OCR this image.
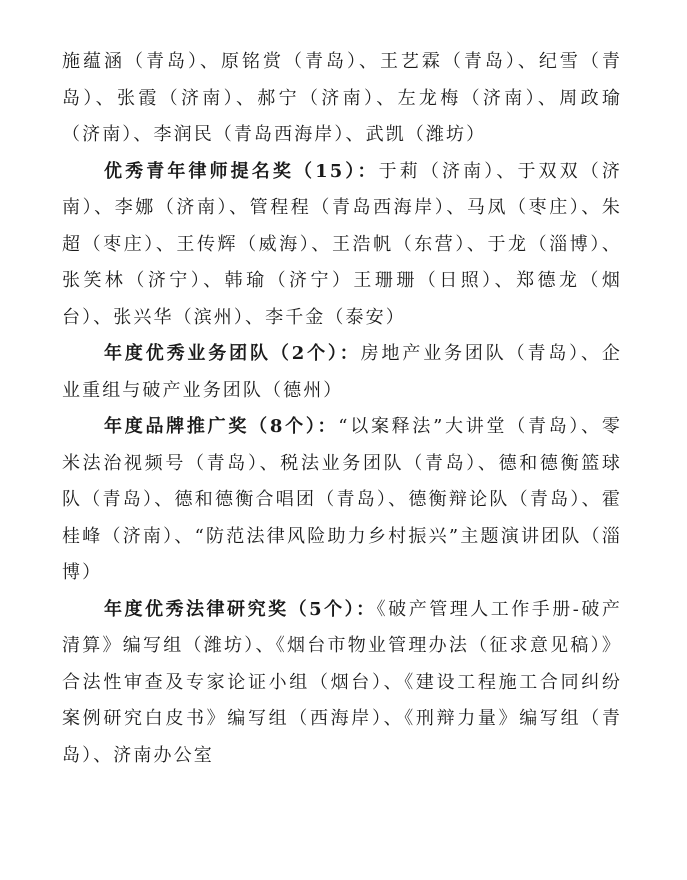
施蕴涵（青岛）、原铭赏（青岛）、王艺霖（青岛）、纪雪（青岛）、张霞（济南）、郝宁（济南）、左龙梅（济南）、周政瑜（济南）、李润民（青岛西海岸）、武凯（潍坊）

优秀青年律师提名奖（15）：于莉（济南）、于双双（济南）、李娜（济南）、管程程（青岛西海岸）、马凤（枣庄）、朱超（枣庄）、王传辉（威海）、王浩帆（东营）、于龙（淄博）、张笑林（济宁）、韩瑜（济宁）王珊珊（日照）、郑德龙（烟台）、张兴华（滨州）、李千金（泰安）

年度优秀业务团队（2个）：房地产业务团队（青岛）、企业重组与破产业务团队（德州）

年度品牌推广奖（8个）：“以案释法”大讲堂（青岛）、零米法治视频号（青岛）、税法业务团队（青岛）、德和德衡篮球队（青岛）、德和德衡合唱团（青岛）、德衡辩论队（青岛）、霍桂峰（济南）、“防范法律风险助力乡村振兴”主题演讲团队（淄博）

年度优秀法律研究奖（5个）：《破产管理人工作手册-破产清算》编写组（潍坊）、《烟台市物业管理办法（征求意见稿）》合法性审查及专家论证小组（烟台）、《建设工程施工合同纠纷案例研究白皮书》编写组（西海岸）、《刑辩力量》编写组（青岛）、济南办公室
